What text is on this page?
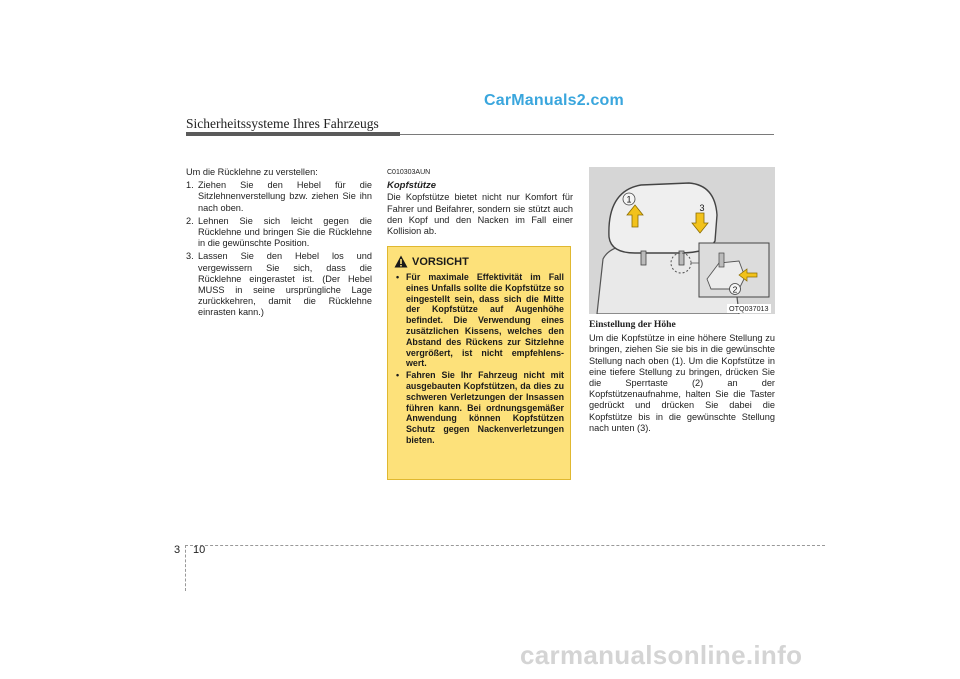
CarManuals2.com
Sicherheitssysteme Ihres Fahrzeugs
Um die Rücklehne zu verstellen:
1. Ziehen Sie den Hebel für die Sitzlehnenverstellung bzw. ziehen Sie ihn nach oben.
2. Lehnen Sie sich leicht gegen die Rücklehne und bringen Sie die Rücklehne in die gewünschte Position.
3. Lassen Sie den Hebel los und vergewissern Sie sich, dass die Rücklehne eingerastet ist. (Der Hebel MUSS in seine ursprüngliche Lage zurückkehren, damit die Rücklehne einrasten kann.)
C010303AUN
Kopfstütze
Die Kopfstütze bietet nicht nur Komfort für Fahrer und Beifahrer, sondern sie stützt auch den Kopf und den Nacken im Fall einer Kollision ab.
VORSICHT
• Für maximale Effektivität im Fall eines Unfalls sollte die Kopfstütze so eingestellt sein, dass sich die Mitte der Kopfstütze auf Augenhöhe befindet. Die Verwendung eines zusätzlichen Kissens, welches den Abstand des Rückens zur Sitzlehne vergrößert, ist nicht empfehlens-wert.
• Fahren Sie Ihr Fahrzeug nicht mit ausgebauten Kopfstützen, da dies zu schweren Verletzungen der Insassen führen kann. Bei ordnungsgemäßer Anwendung können Kopfstützen Schutz gegen Nackenverletzungen bieten.
1
3
2
OTQ037013
Einstellung der Höhe
Um die Kopfstütze in eine höhere Stellung zu bringen, ziehen Sie sie bis in die gewünschte Stellung nach oben (1). Um die Kopfstütze in eine tiefere Stellung zu bringen, drücken Sie die Sperrtaste (2) an der Kopfstützenaufnahme, halten Sie die Taster gedrückt und drücken Sie dabei die Kopfstütze bis in die gewünschte Stellung nach unten (3).
3 10
carmanualsonline.info
